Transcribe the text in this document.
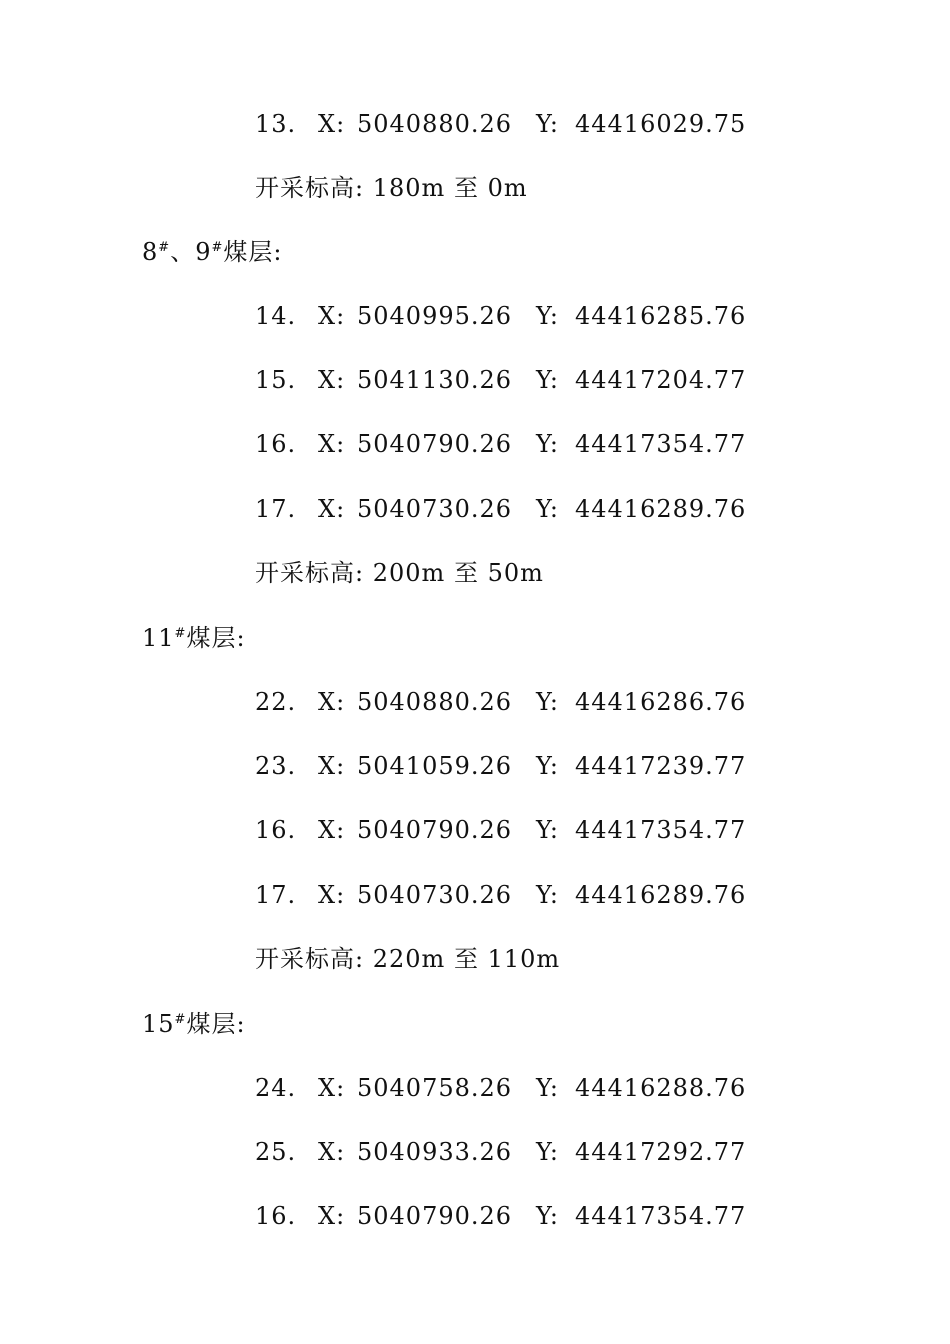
13. X: 5040880.26 Y: 44416029.75
开采标高: 180m 至 0m
8#、9#煤层:
14. X: 5040995.26 Y: 44416285.76
15. X: 5041130.26 Y: 44417204.77
16. X: 5040790.26 Y: 44417354.77
17. X: 5040730.26 Y: 44416289.76
开采标高: 200m 至 50m
11#煤层:
22. X: 5040880.26 Y: 44416286.76
23. X: 5041059.26 Y: 44417239.77
16. X: 5040790.26 Y: 44417354.77
17. X: 5040730.26 Y: 44416289.76
开采标高: 220m 至 110m
15#煤层:
24. X: 5040758.26 Y: 44416288.76
25. X: 5040933.26 Y: 44417292.77
16. X: 5040790.26 Y: 44417354.77
